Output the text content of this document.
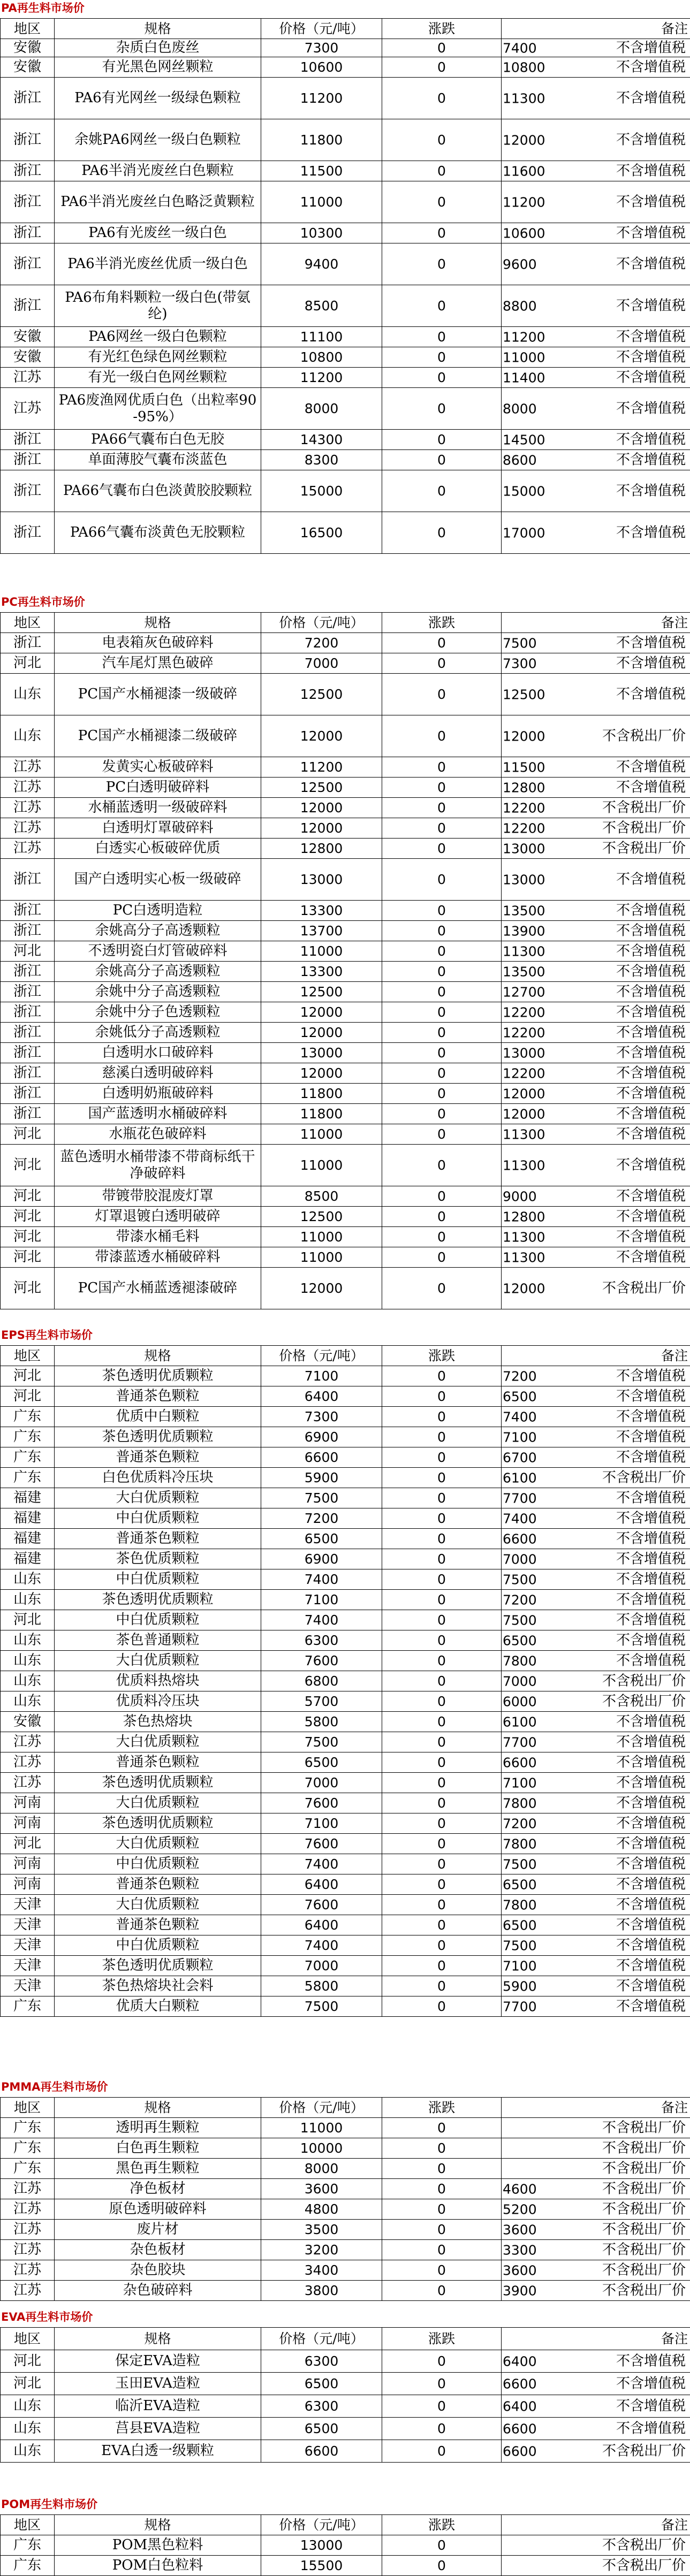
PA再生料市场价
地区	规格	价格（元/吨）	涨跌	备注
安徽	杂质白色废丝	7300	0	7400 不含增值税

安徽	有光黑色网丝颗粒	10600	0	10800 不含增值税

浙江	PA6有光网丝一级绿色颗粒	11200	0	11300 不含增值税

浙江	余姚PA6网丝一级白色颗粒	11800	0	12000 不含增值税

浙江	PA6半消光废丝白色颗粒	11500	0	11600 不含增值税

浙江	PA6半消光废丝白色略泛黄颗粒	11000	0	11200 不含增值税

浙江	PA6有光废丝一级白色	10300	0	10600 不含增值税

浙江	PA6半消光废丝优质一级白色	9400	0	9600 不含增值税

浙江	PA6布角料颗粒一级白色(带氨纶)	8500	0	8800 不含增值税

安徽	PA6网丝一级白色颗粒	11100	0	11200 不含增值税

安徽	有光红色绿色网丝颗粒	10800	0	11000 不含增值税

江苏	有光一级白色网丝颗粒	11200	0	11400 不含增值税

江苏	PA6废渔网优质白色（出粒率90-95%）	8000	0	8000 不含增值税

浙江	PA66气囊布白色无胶	14300	0	14500 不含增值税

浙江	单面薄胶气囊布淡蓝色	8300	0	8600 不含增值税

浙江	PA66气囊布白色淡黄胶胶颗粒	15000	0	15000 不含增值税

浙江	PA66气囊布淡黄色无胶颗粒	16500	0	17000 不含增值税
PC再生料市场价
地区	规格	价格（元/吨）	涨跌	备注
浙江	电表箱灰色破碎料	7200	0	7500 不含增值税

河北	汽车尾灯黑色破碎	7000	0	7300 不含增值税

山东	PC国产水桶褪漆一级破碎	12500	0	12500 不含增值税

山东	PC国产水桶褪漆二级破碎	12000	0	12000 不含税出厂价

江苏	发黄实心板破碎料	11200	0	11500 不含增值税

江苏	PC白透明破碎料	12500	0	12800 不含增值税

江苏	水桶蓝透明一级破碎料	12000	0	12200 不含税出厂价

江苏	白透明灯罩破碎料	12000	0	12200 不含税出厂价

江苏	白透实心板破碎优质	12800	0	13000 不含税出厂价

浙江	国产白透明实心板一级破碎	13000	0	13000 不含增值税

浙江	PC白透明造粒	13300	0	13500 不含增值税

浙江	余姚高分子高透颗粒	13700	0	13900 不含增值税

河北	不透明瓷白灯管破碎料	11000	0	11300 不含增值税

浙江	余姚高分子高透颗粒	13300	0	13500 不含增值税

浙江	余姚中分子高透颗粒	12500	0	12700 不含增值税

浙江	余姚中分子色透颗粒	12000	0	12200 不含增值税

浙江	余姚低分子高透颗粒	12000	0	12200 不含增值税

浙江	白透明水口破碎料	13000	0	13000 不含增值税

浙江	慈溪白透明破碎料	12000	0	12200 不含增值税

浙江	白透明奶瓶破碎料	11800	0	12000 不含增值税

浙江	国产蓝透明水桶破碎料	11800	0	12000 不含增值税

河北	水瓶花色破碎料	11000	0	11300 不含增值税

河北	蓝色透明水桶带漆不带商标纸干净破碎料	11000	0	11300 不含增值税

河北	带镀带胶混废灯罩	8500	0	9000 不含增值税

河北	灯罩退镀白透明破碎	12500	0	12800 不含增值税

河北	带漆水桶毛料	11000	0	11300 不含增值税

河北	带漆蓝透水桶破碎料	11000	0	11300 不含增值税

河北	PC国产水桶蓝透褪漆破碎	12000	0	12000 不含税出厂价
EPS再生料市场价
地区	规格	价格（元/吨）	涨跌	备注
河北	茶色透明优质颗粒	7100	0	7200 不含增值税

河北	普通茶色颗粒	6400	0	6500 不含增值税

广东	优质中白颗粒	7300	0	7400 不含增值税

广东	茶色透明优质颗粒	6900	0	7100 不含增值税

广东	普通茶色颗粒	6600	0	6700 不含增值税

广东	白色优质料冷压块	5900	0	6100 不含税出厂价

福建	大白优质颗粒	7500	0	7700 不含增值税

福建	中白优质颗粒	7200	0	7400 不含增值税

福建	普通茶色颗粒	6500	0	6600 不含增值税

福建	茶色优质颗粒	6900	0	7000 不含增值税

山东	中白优质颗粒	7400	0	7500 不含增值税

山东	茶色透明优质颗粒	7100	0	7200 不含增值税

河北	中白优质颗粒	7400	0	7500 不含增值税

山东	茶色普通颗粒	6300	0	6500 不含增值税

山东	大白优质颗粒	7600	0	7800 不含增值税

山东	优质料热熔块	6800	0	7000 不含税出厂价

山东	优质料冷压块	5700	0	6000 不含税出厂价

安徽	茶色热熔块	5800	0	6100 不含增值税

江苏	大白优质颗粒	7500	0	7700 不含增值税

江苏	普通茶色颗粒	6500	0	6600 不含增值税

江苏	茶色透明优质颗粒	7000	0	7100 不含增值税

河南	大白优质颗粒	7600	0	7800 不含增值税

河南	茶色透明优质颗粒	7100	0	7200 不含增值税

河北	大白优质颗粒	7600	0	7800 不含增值税

河南	中白优质颗粒	7400	0	7500 不含增值税

河南	普通茶色颗粒	6400	0	6500 不含增值税

天津	大白优质颗粒	7600	0	7800 不含增值税

天津	普通茶色颗粒	6400	0	6500 不含增值税

天津	中白优质颗粒	7400	0	7500 不含增值税

天津	茶色透明优质颗粒	7000	0	7100 不含增值税

天津	茶色热熔块社会料	5800	0	5900 不含增值税

广东	优质大白颗粒	7500	0	7700 不含增值税
PMMA再生料市场价
地区	规格	价格（元/吨）	涨跌	备注
广东	透明再生颗粒	11000	0	不含税出厂价

广东	白色再生颗粒	10000	0	不含税出厂价

广东	黑色再生颗粒	8000	0	不含税出厂价

江苏	净色板材	3600	0	4600 不含税出厂价

江苏	原色透明破碎料	4800	0	5200 不含税出厂价

江苏	废片材	3500	0	3600 不含税出厂价

江苏	杂色板材	3200	0	3300 不含税出厂价

江苏	杂色胶块	3400	0	3600 不含税出厂价

江苏	杂色破碎料	3800	0	3900 不含税出厂价
EVA再生料市场价
地区	规格	价格（元/吨）	涨跌	备注
河北	保定EVA造粒	6300	0	6400 不含增值税

河北	玉田EVA造粒	6500	0	6600 不含增值税

山东	临沂EVA造粒	6300	0	6400 不含增值税

山东	莒县EVA造粒	6500	0	6600 不含增值税

山东	EVA白透一级颗粒	6600	0	6600 不含税出厂价
POM再生料市场价
地区	规格	价格（元/吨）	涨跌	备注
广东	POM黑色粒料	13000	0	不含税出厂价

广东	POM白色粒料	15500	0	不含税出厂价
